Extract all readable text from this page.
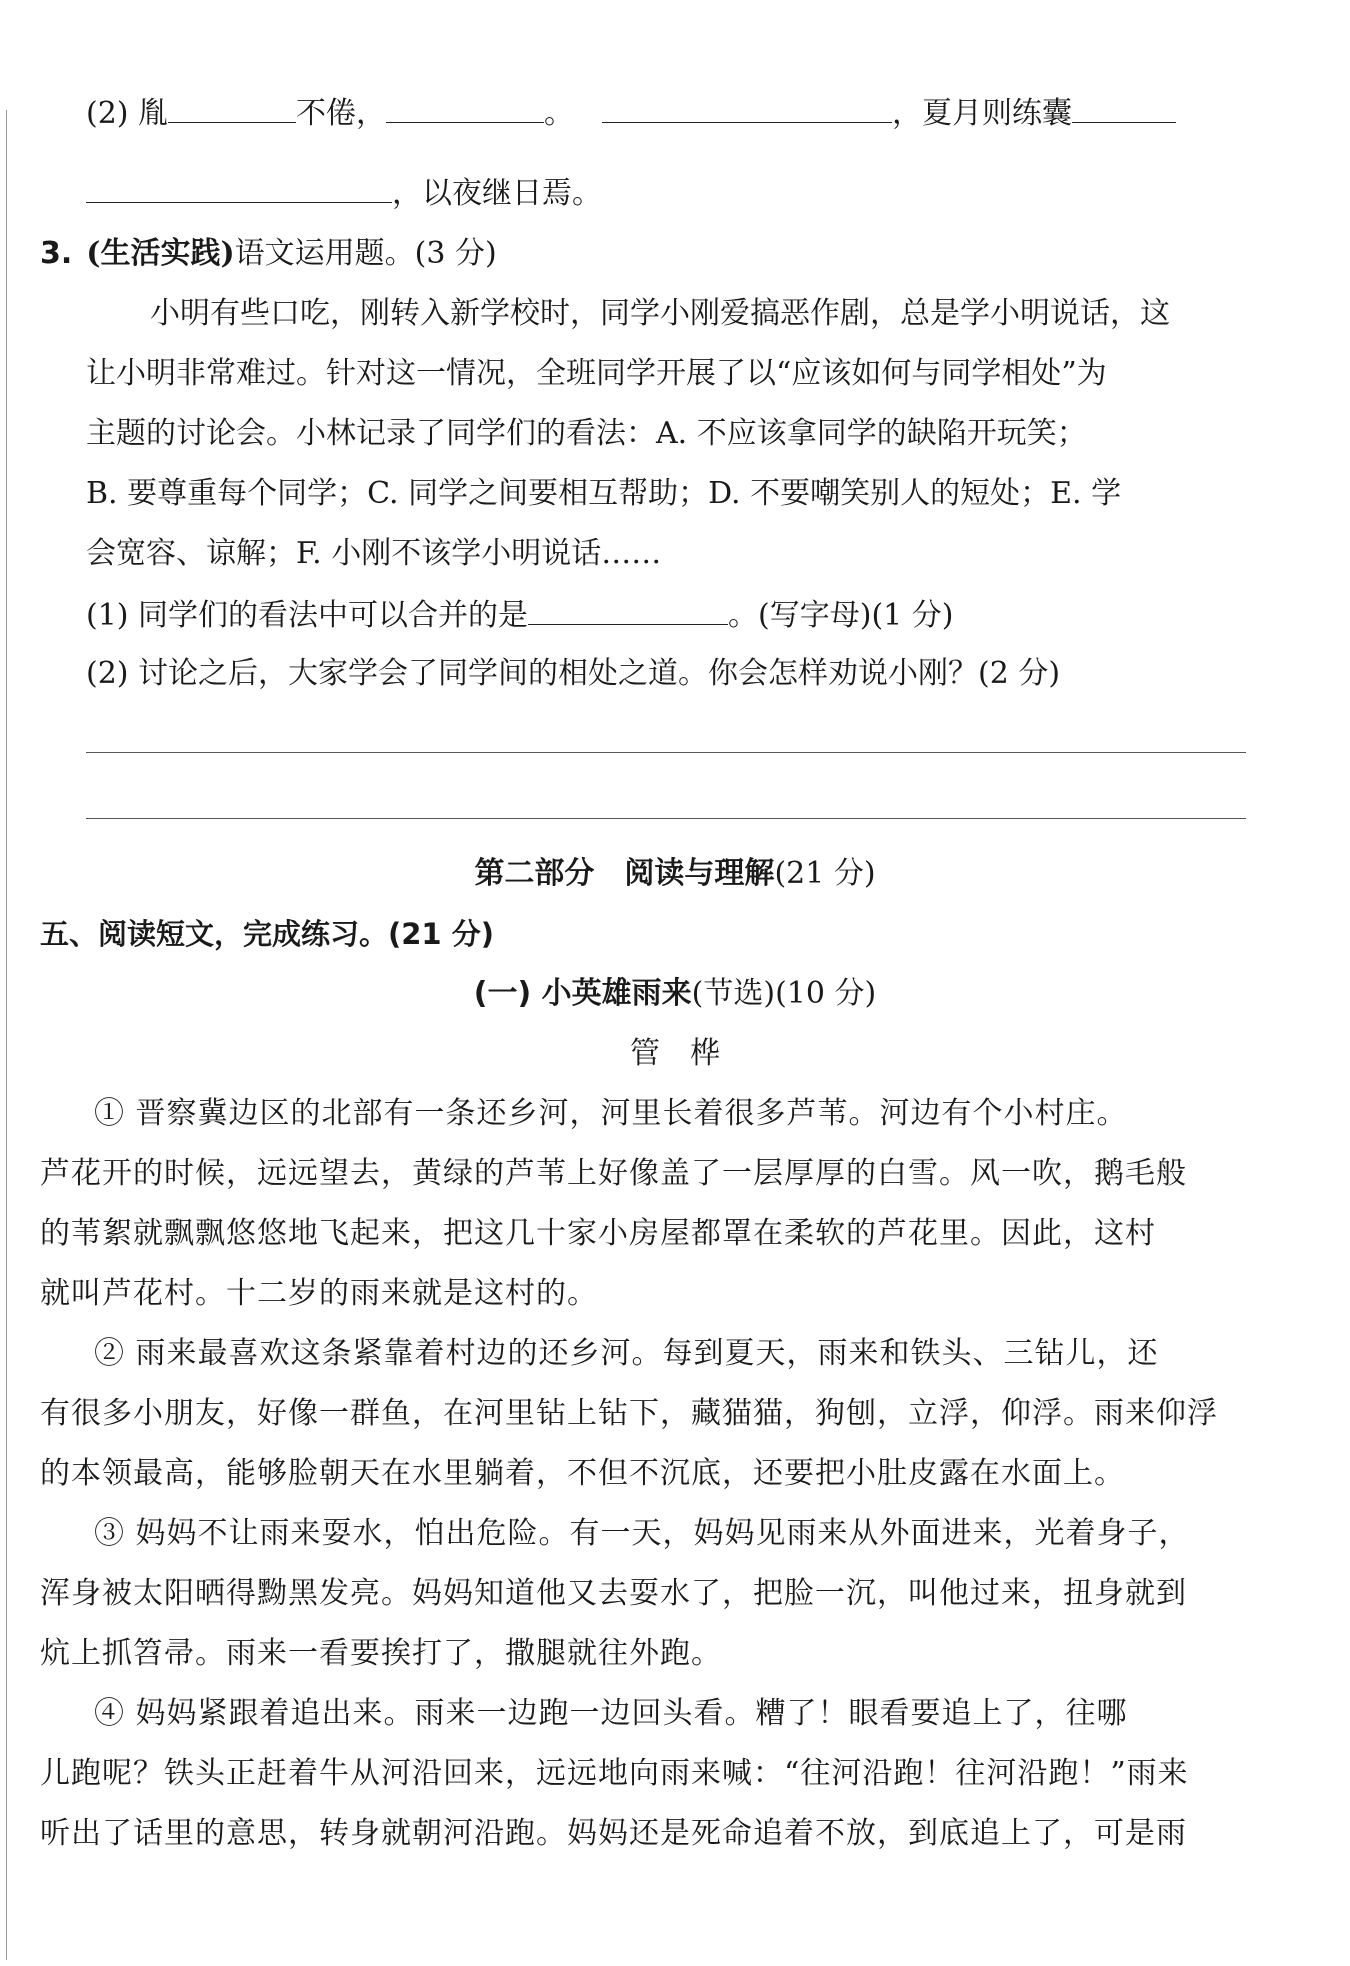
(2) 胤	不倦，	。	，夏月则练囊
，以夜继日焉。
3. (生活实践)语文运用题。(3 分)
小明有些口吃，刚转入新学校时，同学小刚爱搞恶作剧，总是学小明说话，这
让小明非常难过。针对这一情况，全班同学开展了以“应该如何与同学相处”为
主题的讨论会。小林记录了同学们的看法：A. 不应该拿同学的缺陷开玩笑；
B. 要尊重每个同学；C. 同学之间要相互帮助；D. 不要嘲笑别人的短处；E. 学
会宽容、谅解；F. 小刚不该学小明说话……
(1) 同学们的看法中可以合并的是	。(写字母)(1 分)
(2) 讨论之后，大家学会了同学间的相处之道。你会怎样劝说小刚？(2 分)
第二部分　阅读与理解(21 分)
五、阅读短文，完成练习。(21 分)
(一) 小英雄雨来(节选)(10 分)
管　桦
① 晋察冀边区的北部有一条还乡河，河里长着很多芦苇。河边有个小村庄。
芦花开的时候，远远望去，黄绿的芦苇上好像盖了一层厚厚的白雪。风一吹，鹅毛般
的苇絮就飘飘悠悠地飞起来，把这几十家小房屋都罩在柔软的芦花里。因此，这村
就叫芦花村。十二岁的雨来就是这村的。
② 雨来最喜欢这条紧靠着村边的还乡河。每到夏天，雨来和铁头、三钻儿，还
有很多小朋友，好像一群鱼，在河里钻上钻下，藏猫猫，狗刨，立浮，仰浮。雨来仰浮
的本领最高，能够脸朝天在水里躺着，不但不沉底，还要把小肚皮露在水面上。
③ 妈妈不让雨来耍水，怕出危险。有一天，妈妈见雨来从外面进来，光着身子，
浑身被太阳晒得黝黑发亮。妈妈知道他又去耍水了，把脸一沉，叫他过来，扭身就到
炕上抓笤帚。雨来一看要挨打了，撒腿就往外跑。
④ 妈妈紧跟着追出来。雨来一边跑一边回头看。糟了！眼看要追上了，往哪
儿跑呢？铁头正赶着牛从河沿回来，远远地向雨来喊：“往河沿跑！往河沿跑！”雨来
听出了话里的意思，转身就朝河沿跑。妈妈还是死命追着不放，到底追上了，可是雨
